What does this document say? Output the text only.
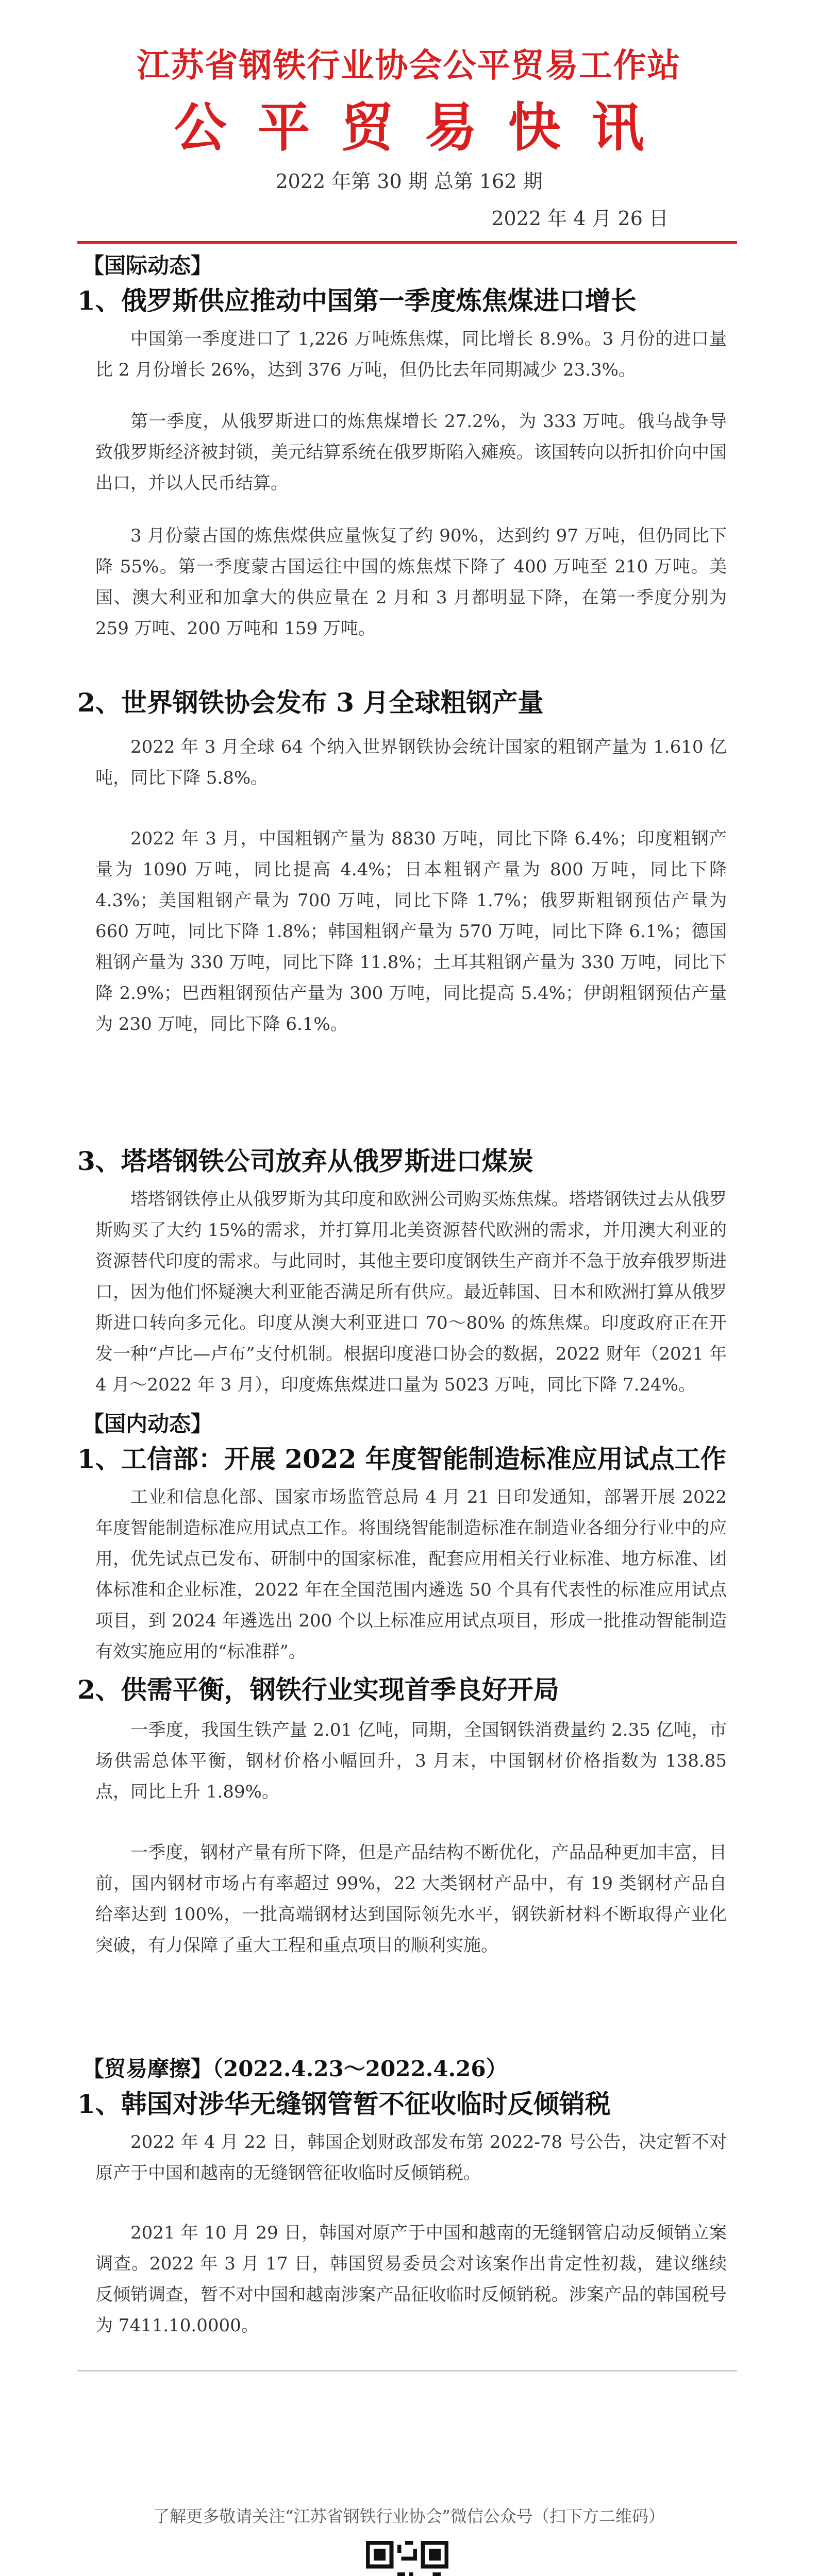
江苏省钢铁行业协会公平贸易工作站
公平贸易快讯
2022 年第 30 期 总第 162 期
2022 年 4 月 26 日
【国际动态】
1、俄罗斯供应推动中国第一季度炼焦煤进口增长

中国第一季度进口了 1,226 万吨炼焦煤，同比增长 8.9%。3 月份的进口量比 2 月份增长 26%，达到 376 万吨，但仍比去年同期减少 23.3%。

第一季度，从俄罗斯进口的炼焦煤增长 27.2%，为 333 万吨。俄乌战争导致俄罗斯经济被封锁，美元结算系统在俄罗斯陷入瘫痪。该国转向以折扣价向中国出口，并以人民币结算。

3 月份蒙古国的炼焦煤供应量恢复了约 90%，达到约 97 万吨，但仍同比下降 55%。第一季度蒙古国运往中国的炼焦煤下降了 400 万吨至 210 万吨。美国、澳大利亚和加拿大的供应量在 2 月和 3 月都明显下降，在第一季度分别为 259 万吨、200 万吨和 159 万吨。

2、世界钢铁协会发布 3 月全球粗钢产量

2022 年 3 月全球 64 个纳入世界钢铁协会统计国家的粗钢产量为 1.610 亿吨，同比下降 5.8%。

2022 年 3 月，中国粗钢产量为 8830 万吨，同比下降 6.4%；印度粗钢产量为 1090 万吨，同比提高 4.4%；日本粗钢产量为 800 万吨，同比下降 4.3%；美国粗钢产量为 700 万吨，同比下降 1.7%；俄罗斯粗钢预估产量为 660 万吨，同比下降 1.8%；韩国粗钢产量为 570 万吨，同比下降 6.1%；德国粗钢产量为 330 万吨，同比下降 11.8%；土耳其粗钢产量为 330 万吨，同比下降 2.9%；巴西粗钢预估产量为 300 万吨，同比提高 5.4%；伊朗粗钢预估产量为 230 万吨，同比下降 6.1%。

3、塔塔钢铁公司放弃从俄罗斯进口煤炭

塔塔钢铁停止从俄罗斯为其印度和欧洲公司购买炼焦煤。塔塔钢铁过去从俄罗斯购买了大约 15%的需求，并打算用北美资源替代欧洲的需求，并用澳大利亚的资源替代印度的需求。与此同时，其他主要印度钢铁生产商并不急于放弃俄罗斯进口，因为他们怀疑澳大利亚能否满足所有供应。最近韩国、日本和欧洲打算从俄罗斯进口转向多元化。印度从澳大利亚进口 70～80% 的炼焦煤。印度政府正在开发一种“卢比—卢布”支付机制。根据印度港口协会的数据，2022 财年（2021 年 4 月～2022 年 3 月），印度炼焦煤进口量为 5023 万吨，同比下降 7.24%。

【国内动态】
1、工信部：开展 2022 年度智能制造标准应用试点工作

工业和信息化部、国家市场监管总局 4 月 21 日印发通知，部署开展 2022 年度智能制造标准应用试点工作。将围绕智能制造标准在制造业各细分行业中的应用，优先试点已发布、研制中的国家标准，配套应用相关行业标准、地方标准、团体标准和企业标准，2022 年在全国范围内遴选 50 个具有代表性的标准应用试点项目，到 2024 年遴选出 200 个以上标准应用试点项目，形成一批推动智能制造有效实施应用的“标准群”。

2、供需平衡，钢铁行业实现首季良好开局

一季度，我国生铁产量 2.01 亿吨，同期，全国钢铁消费量约 2.35 亿吨，市场供需总体平衡，钢材价格小幅回升，3 月末，中国钢材价格指数为 138.85 点，同比上升 1.89%。

一季度，钢材产量有所下降，但是产品结构不断优化，产品品种更加丰富，目前，国内钢材市场占有率超过 99%，22 大类钢材产品中，有 19 类钢材产品自给率达到 100%，一批高端钢材达到国际领先水平，钢铁新材料不断取得产业化突破，有力保障了重大工程和重点项目的顺利实施。

【贸易摩擦】（2022.4.23～2022.4.26）
1、韩国对涉华无缝钢管暂不征收临时反倾销税

2022 年 4 月 22 日，韩国企划财政部发布第 2022-78 号公告，决定暂不对原产于中国和越南的无缝钢管征收临时反倾销税。

2021 年 10 月 29 日，韩国对原产于中国和越南的无缝钢管启动反倾销立案调查。2022 年 3 月 17 日，韩国贸易委员会对该案作出肯定性初裁，建议继续反倾销调查，暂不对中国和越南涉案产品征收临时反倾销税。涉案产品的韩国税号为 7411.10.0000。

了解更多敬请关注“江苏省钢铁行业协会”微信公众号（扫下方二维码）
